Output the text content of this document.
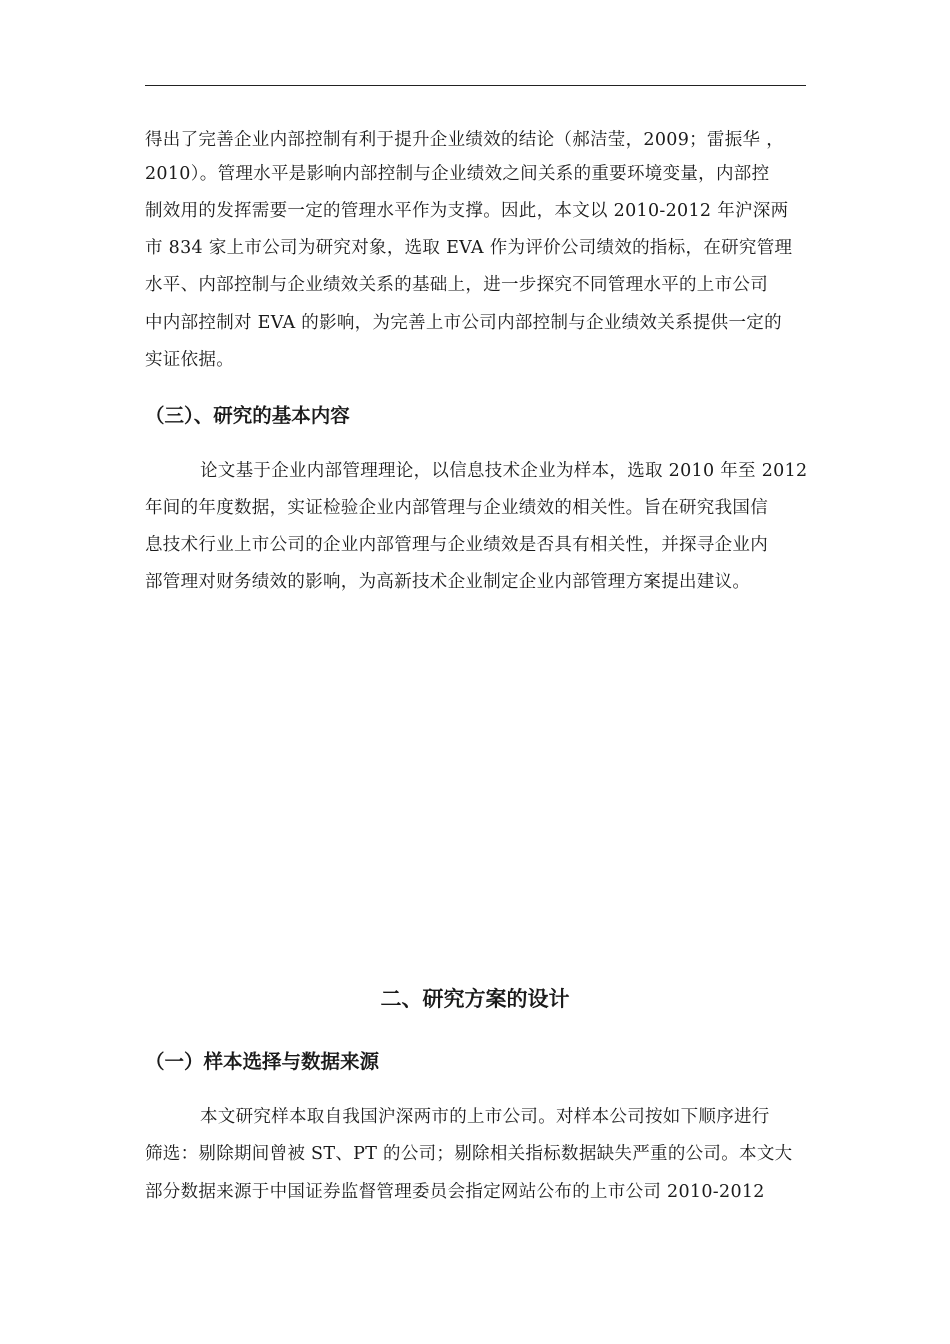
得出了完善企业内部控制有利于提升企业绩效的结论（郝洁莹，2009；雷振华 ，
2010）。管理水平是影响内部控制与企业绩效之间关系的重要环境变量，内部控
制效用的发挥需要一定的管理水平作为支撑。因此，本文以 2010-2012 年沪深两
市 834 家上市公司为研究对象，选取 EVA 作为评价公司绩效的指标，在研究管理
水平、内部控制与企业绩效关系的基础上，进一步探究不同管理水平的上市公司
中内部控制对 EVA 的影响，为完善上市公司内部控制与企业绩效关系提供一定的
实证依据。
（三）、研究的基本内容
论文基于企业内部管理理论，以信息技术企业为样本，选取 2010 年至 2012
年间的年度数据，实证检验企业内部管理与企业绩效的相关性。旨在研究我国信
息技术行业上市公司的企业内部管理与企业绩效是否具有相关性，并探寻企业内
部管理对财务绩效的影响，为高新技术企业制定企业内部管理方案提出建议。
二、研究方案的设计
（一）样本选择与数据来源
本文研究样本取自我国沪深两市的上市公司。对样本公司按如下顺序进行
筛选：剔除期间曾被 ST、PT 的公司；剔除相关指标数据缺失严重的公司。本文大
部分数据来源于中国证券监督管理委员会指定网站公布的上市公司 2010-2012
